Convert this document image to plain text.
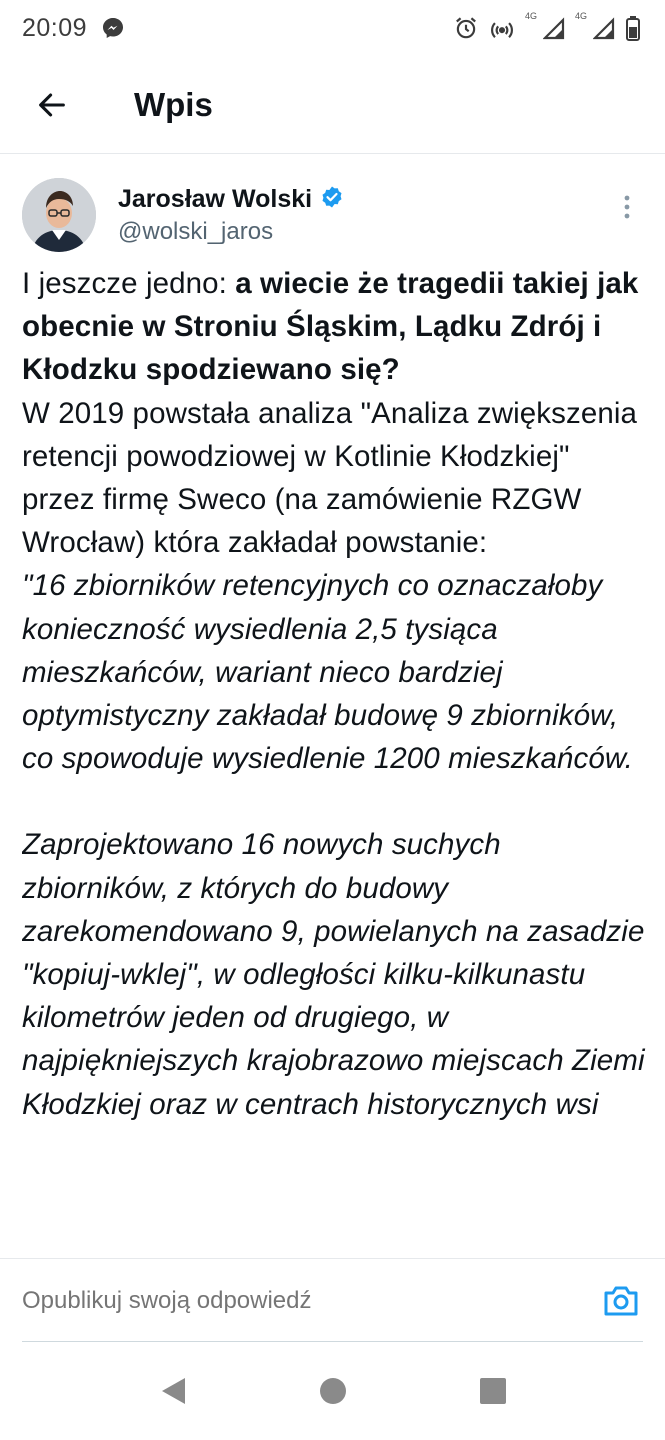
20:09	4G	4G
Wpis
Jarosław Wolski
@wolski_jaros

I jeszcze jedno: a wiecie że tragedii takiej jak obecnie w Stroniu Śląskim, Lądku Zdrój i Kłodzku spodziewano się?

W 2019 powstała analiza "Analiza zwiększenia retencji powodziowej w Kotlinie Kłodzkiej" przez firmę Sweco (na zamówienie RZGW Wrocław) która zakładał powstanie:

"16 zbiorników retencyjnych co oznaczałoby konieczność wysiedlenia 2,5 tysiąca mieszkańców, wariant nieco bardziej optymistyczny zakładał budowę 9 zbiorników, co spowoduje wysiedlenie 1200 mieszkańców.

Zaprojektowano 16 nowych suchych zbiorników, z których do budowy zarekomendowano 9, powielanych na zasadzie "kopiuj-wklej", w odległości kilku-kilkunastu kilometrów jeden od drugiego, w najpiękniejszych krajobrazowo miejscach Ziemi Kłodzkiej oraz w centrach historycznych wsi

Opublikuj swoją odpowiedź
